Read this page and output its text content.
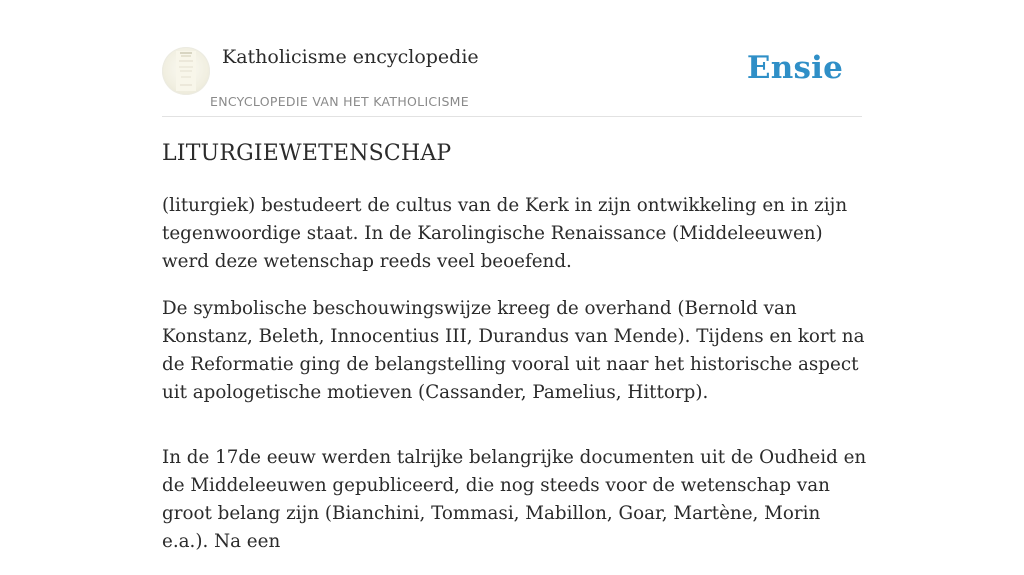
Katholicisme encyclopedie
ENCYCLOPEDIE VAN HET KATHOLICISME
Ensie
LITURGIEWETENSCHAP

(liturgiek) bestudeert de cultus van de Kerk in zijn ontwikkeling en in zijn tegenwoordige staat. In de Karolingische Renaissance (Middeleeuwen) werd deze wetenschap reeds veel beoefend.

De symbolische beschouwingswijze kreeg de overhand (Bernold van Konstanz, Beleth, Innocentius III, Durandus van Mende). Tijdens en kort na de Reformatie ging de belangstelling vooral uit naar het historische aspect uit apologetische motieven (Cassander, Pamelius, Hittorp).

In de 17de eeuw werden talrijke belangrijke documenten uit de Oudheid en de Middeleeuwen gepubliceerd, die nog steeds voor de wetenschap van groot belang zijn (Bianchini, Tommasi, Mabillon, Goar, Martène, Morin e.a.). Na een
